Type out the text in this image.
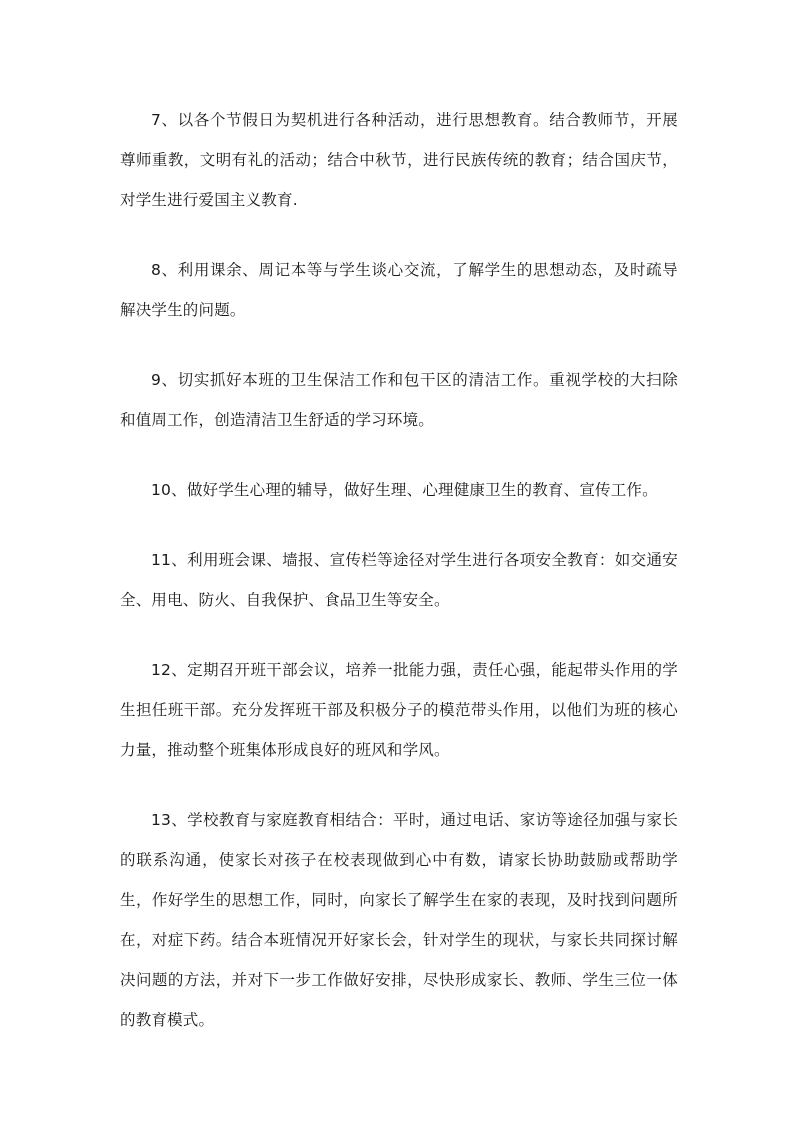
7、以各个节假日为契机进行各种活动，进行思想教育。结合教师节，开展尊师重教，文明有礼的活动；结合中秋节，进行民族传统的教育；结合国庆节，对学生进行爱国主义教育.

8、利用课余、周记本等与学生谈心交流，了解学生的思想动态，及时疏导解决学生的问题。

9、切实抓好本班的卫生保洁工作和包干区的清洁工作。重视学校的大扫除和值周工作，创造清洁卫生舒适的学习环境。

10、做好学生心理的辅导，做好生理、心理健康卫生的教育、宣传工作。

11、利用班会课、墙报、宣传栏等途径对学生进行各项安全教育：如交通安全、用电、防火、自我保护、食品卫生等安全。

12、定期召开班干部会议，培养一批能力强，责任心强，能起带头作用的学生担任班干部。充分发挥班干部及积极分子的模范带头作用，以他们为班的核心力量，推动整个班集体形成良好的班风和学风。

13、学校教育与家庭教育相结合：平时，通过电话、家访等途径加强与家长的联系沟通，使家长对孩子在校表现做到心中有数，请家长协助鼓励或帮助学生，作好学生的思想工作，同时，向家长了解学生在家的表现，及时找到问题所在，对症下药。结合本班情况开好家长会，针对学生的现状，与家长共同探讨解决问题的方法，并对下一步工作做好安排，尽快形成家长、教师、学生三位一体的教育模式。
